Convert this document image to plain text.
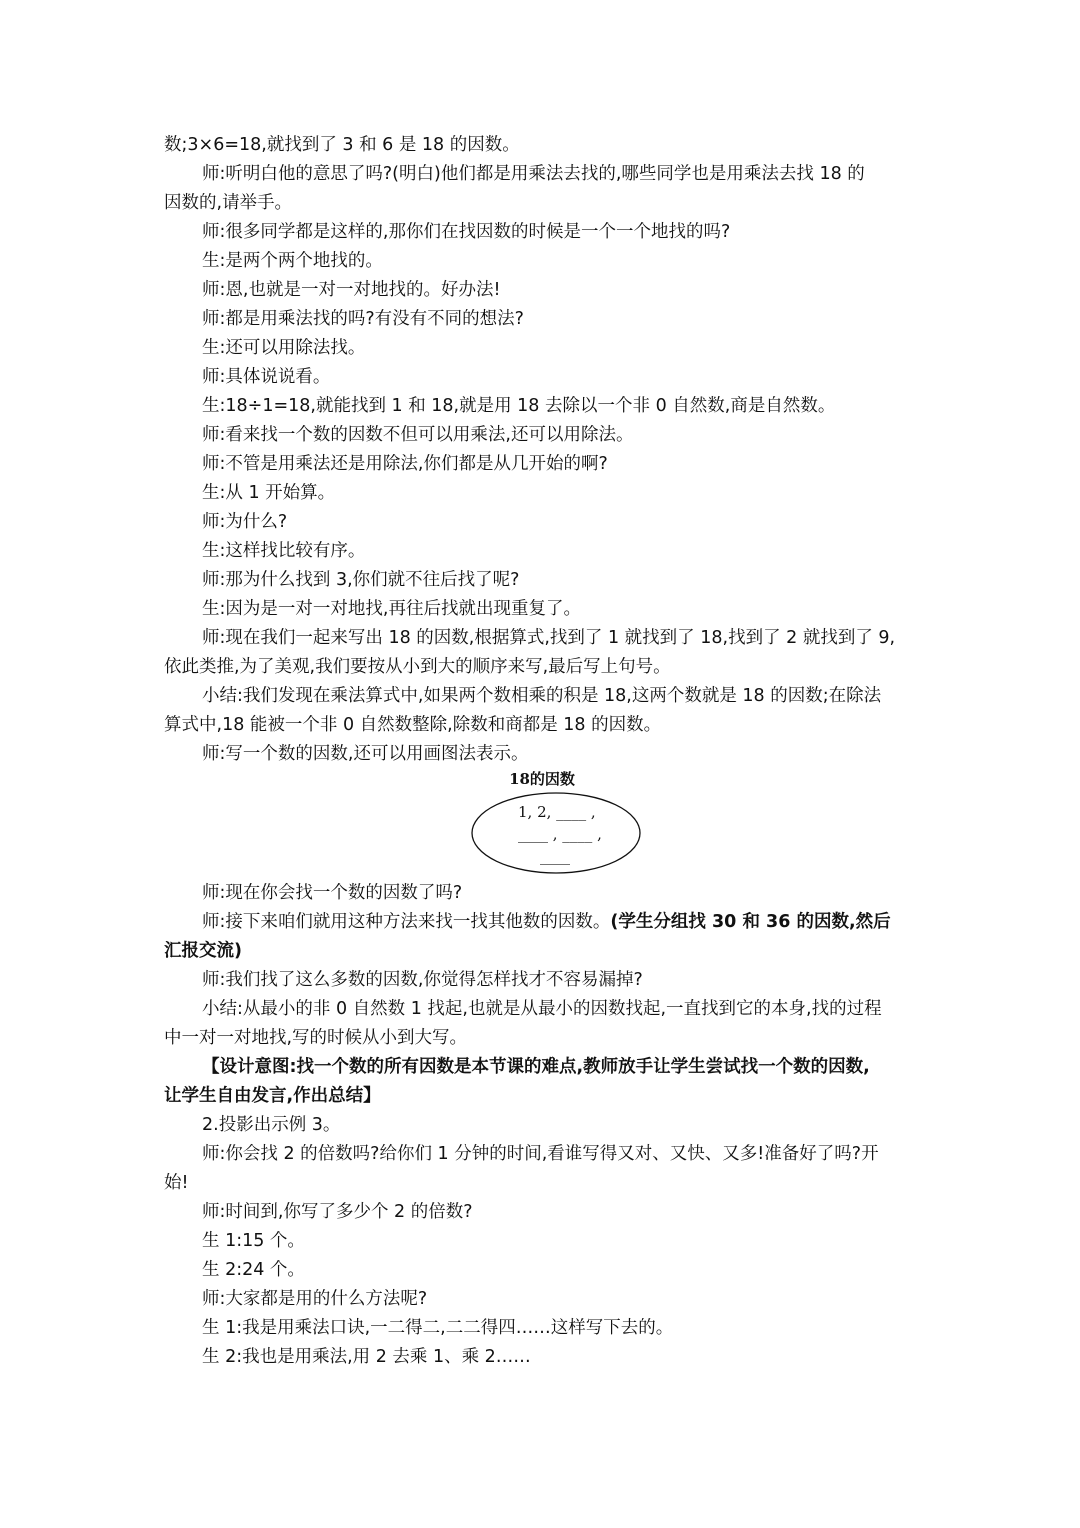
数;3×6=18,就找到了 3 和 6 是 18 的因数。
师:听明白他的意思了吗?(明白)他们都是用乘法去找的,哪些同学也是用乘法去找 18 的
因数的,请举手。
师:很多同学都是这样的,那你们在找因数的时候是一个一个地找的吗?
生:是两个两个地找的。
师:恩,也就是一对一对地找的。好办法!
师:都是用乘法找的吗?有没有不同的想法?
生:还可以用除法找。
师:具体说说看。
生:18÷1=18,就能找到 1 和 18,就是用 18 去除以一个非 0 自然数,商是自然数。
师:看来找一个数的因数不但可以用乘法,还可以用除法。
师:不管是用乘法还是用除法,你们都是从几开始的啊?
生:从 1 开始算。
师:为什么?
生:这样找比较有序。
师:那为什么找到 3,你们就不往后找了呢?
生:因为是一对一对地找,再往后找就出现重复了。
师:现在我们一起来写出 18 的因数,根据算式,找到了 1 就找到了 18,找到了 2 就找到了 9,
依此类推,为了美观,我们要按从小到大的顺序来写,最后写上句号。
小结:我们发现在乘法算式中,如果两个数相乘的积是 18,这两个数就是 18 的因数;在除法
算式中,18 能被一个非 0 自然数整除,除数和商都是 18 的因数。
师:写一个数的因数,还可以用画图法表示。
18的因数
1, 2, ____ ,
____ , ____ ,
____
师:现在你会找一个数的因数了吗?
师:接下来咱们就用这种方法来找一找其他数的因数。(学生分组找 30 和 36 的因数,然后
汇报交流)
师:我们找了这么多数的因数,你觉得怎样找才不容易漏掉?
小结:从最小的非 0 自然数 1 找起,也就是从最小的因数找起,一直找到它的本身,找的过程
中一对一对地找,写的时候从小到大写。
【设计意图:找一个数的所有因数是本节课的难点,教师放手让学生尝试找一个数的因数,
让学生自由发言,作出总结】
2.投影出示例 3。
师:你会找 2 的倍数吗?给你们 1 分钟的时间,看谁写得又对、又快、又多!准备好了吗?开
始!
师:时间到,你写了多少个 2 的倍数?
生 1:15 个。
生 2:24 个。
师:大家都是用的什么方法呢?
生 1:我是用乘法口诀,一二得二,二二得四……这样写下去的。
生 2:我也是用乘法,用 2 去乘 1、乘 2……
